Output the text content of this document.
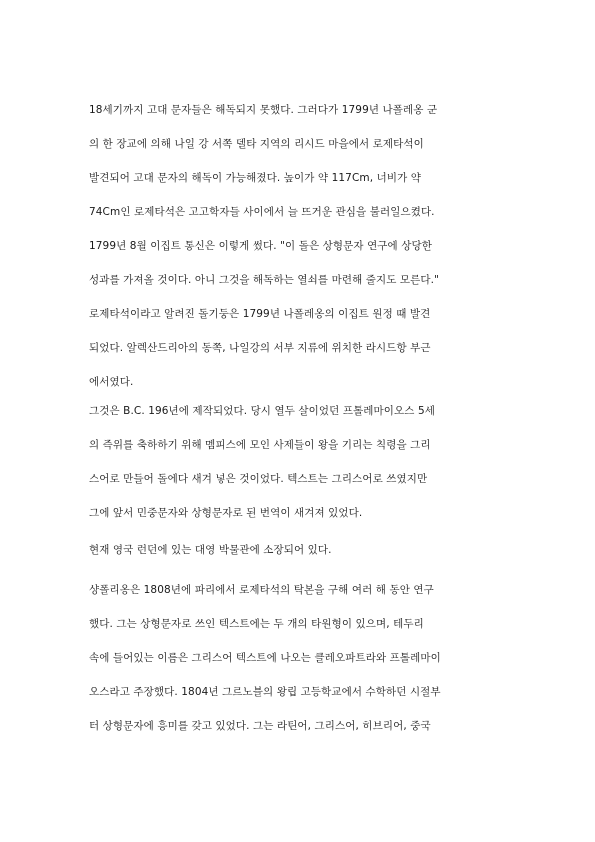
18세기까지 고대 문자들은 해독되지 못했다. 그러다가 1799년 나폴레옹 군
의 한 장교에 의해 나일 강 서쪽 델타 지역의 리시드 마을에서 로제타석이
발견되어 고대 문자의 해독이 가능해졌다. 높이가 약 117Cm, 너비가 약
74Cm인 로제타석은 고고학자들 사이에서 늘 뜨거운 관심을 불러일으켰다.
1799년 8월 이집트 통신은 이렇게 썼다. "이 돌은 상형문자 연구에 상당한
성과를 가져올 것이다. 아니 그것을 해독하는 열쇠를 마련해 줄지도 모른다."
로제타석이라고 알려진 돌기둥은 1799년 나폴레옹의 이집트 원정 때 발견
되었다. 알렉산드리아의 동쪽, 나일강의 서부 지류에 위치한 라시드항 부근
에서였다.
그것은 B.C. 196년에 제작되었다. 당시 열두 살이었던 프톨레마이오스 5세
의 즉위를 축하하기 위해 멤피스에 모인 사제들이 왕을 기리는 칙령을 그리
스어로 만들어 돌에다 새겨 넣은 것이었다. 텍스트는 그리스어로 쓰였지만
그에 앞서 민중문자와 상형문자로 된 번역이 새겨져 있었다.
현재 영국 런던에 있는 대영 박물관에 소장되어 있다.
샹폴리옹은 1808년에 파리에서 로제타석의 탁본을 구해 여러 해 동안 연구
했다. 그는 상형문자로 쓰인 텍스트에는 두 개의 타원형이 있으며, 테두리
속에 들어있는 이름은 그리스어 텍스트에 나오는 클레오파트라와 프톨레마이
오스라고 주장했다. 1804년 그르노블의 왕립 고등학교에서 수학하던 시절부
터 상형문자에 흥미를 갖고 있었다. 그는 라틴어, 그리스어, 히브리어, 중국
